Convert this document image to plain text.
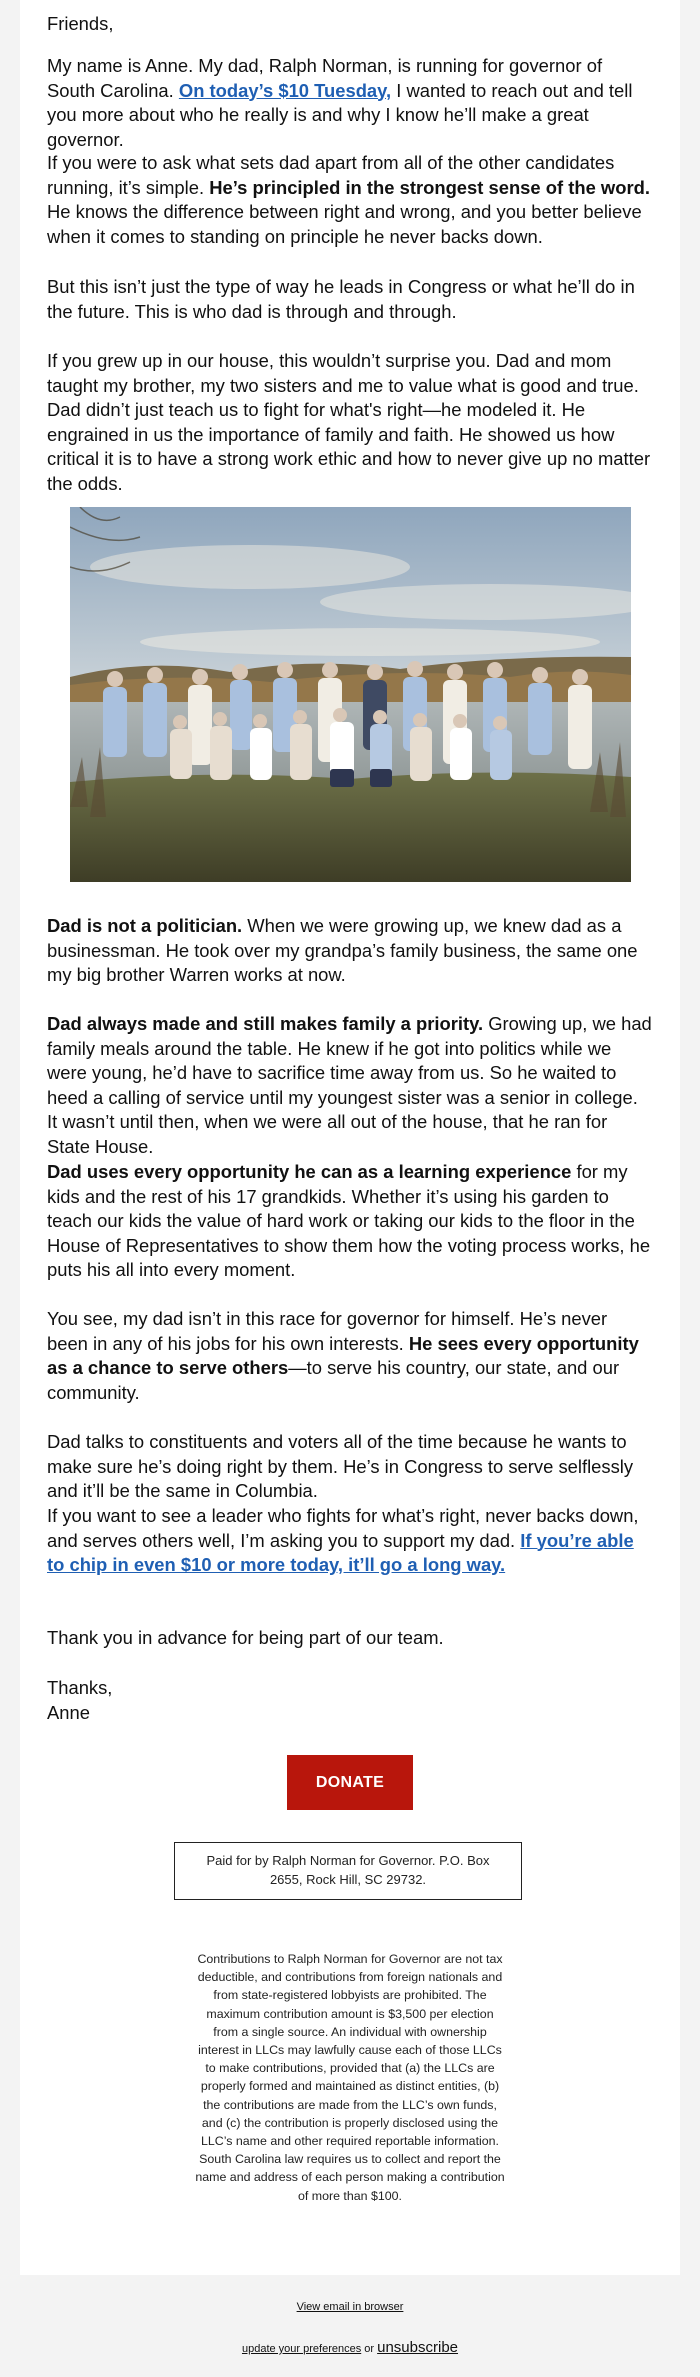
Friends,

My name is Anne. My dad, Ralph Norman, is running for governor of South Carolina. On today’s $10 Tuesday, I wanted to reach out and tell you more about who he really is and why I know he’ll make a great governor.

If you were to ask what sets dad apart from all of the other candidates running, it’s simple. He’s principled in the strongest sense of the word. He knows the difference between right and wrong, and you better believe when it comes to standing on principle he never backs down.

But this isn’t just the type of way he leads in Congress or what he’ll do in the future. This is who dad is through and through.

If you grew up in our house, this wouldn’t surprise you. Dad and mom taught my brother, my two sisters and me to value what is good and true. Dad didn’t just teach us to fight for what's right—he modeled it. He engrained in us the importance of family and faith. He showed us how critical it is to have a strong work ethic and how to never give up no matter the odds.

Dad is not a politician. When we were growing up, we knew dad as a businessman. He took over my grandpa’s family business, the same one my big brother Warren works at now.

Dad always made and still makes family a priority. Growing up, we had family meals around the table. He knew if he got into politics while we were young, he’d have to sacrifice time away from us. So he waited to heed a calling of service until my youngest sister was a senior in college. It wasn’t until then, when we were all out of the house, that he ran for State House.

Dad uses every opportunity he can as a learning experience for my kids and the rest of his 17 grandkids. Whether it’s using his garden to teach our kids the value of hard work or taking our kids to the floor in the House of Representatives to show them how the voting process works, he puts his all into every moment.

You see, my dad isn’t in this race for governor for himself. He’s never been in any of his jobs for his own interests. He sees every opportunity as a chance to serve others—to serve his country, our state, and our community.

Dad talks to constituents and voters all of the time because he wants to make sure he’s doing right by them. He’s in Congress to serve selflessly and it’ll be the same in Columbia.

If you want to see a leader who fights for what’s right, never backs down, and serves others well, I’m asking you to support my dad. If you’re able to chip in even $10 or more today, it’ll go a long way.

Thank you in advance for being part of our team.

Thanks,

Anne

DONATE
Paid for by Ralph Norman for Governor. P.O. Box 2655, Rock Hill, SC 29732.
Contributions to Ralph Norman for Governor are not tax deductible, and contributions from foreign nationals and from state-registered lobbyists are prohibited. The maximum contribution amount is $3,500 per election from a single source. An individual with ownership interest in LLCs may lawfully cause each of those LLCs to make contributions, provided that (a) the LLCs are properly formed and maintained as distinct entities, (b) the contributions are made from the LLC’s own funds, and (c) the contribution is properly disclosed using the LLC’s name and other required reportable information. South Carolina law requires us to collect and report the name and address of each person making a contribution of more than $100.
View email in browser
update your preferences or unsubscribe
